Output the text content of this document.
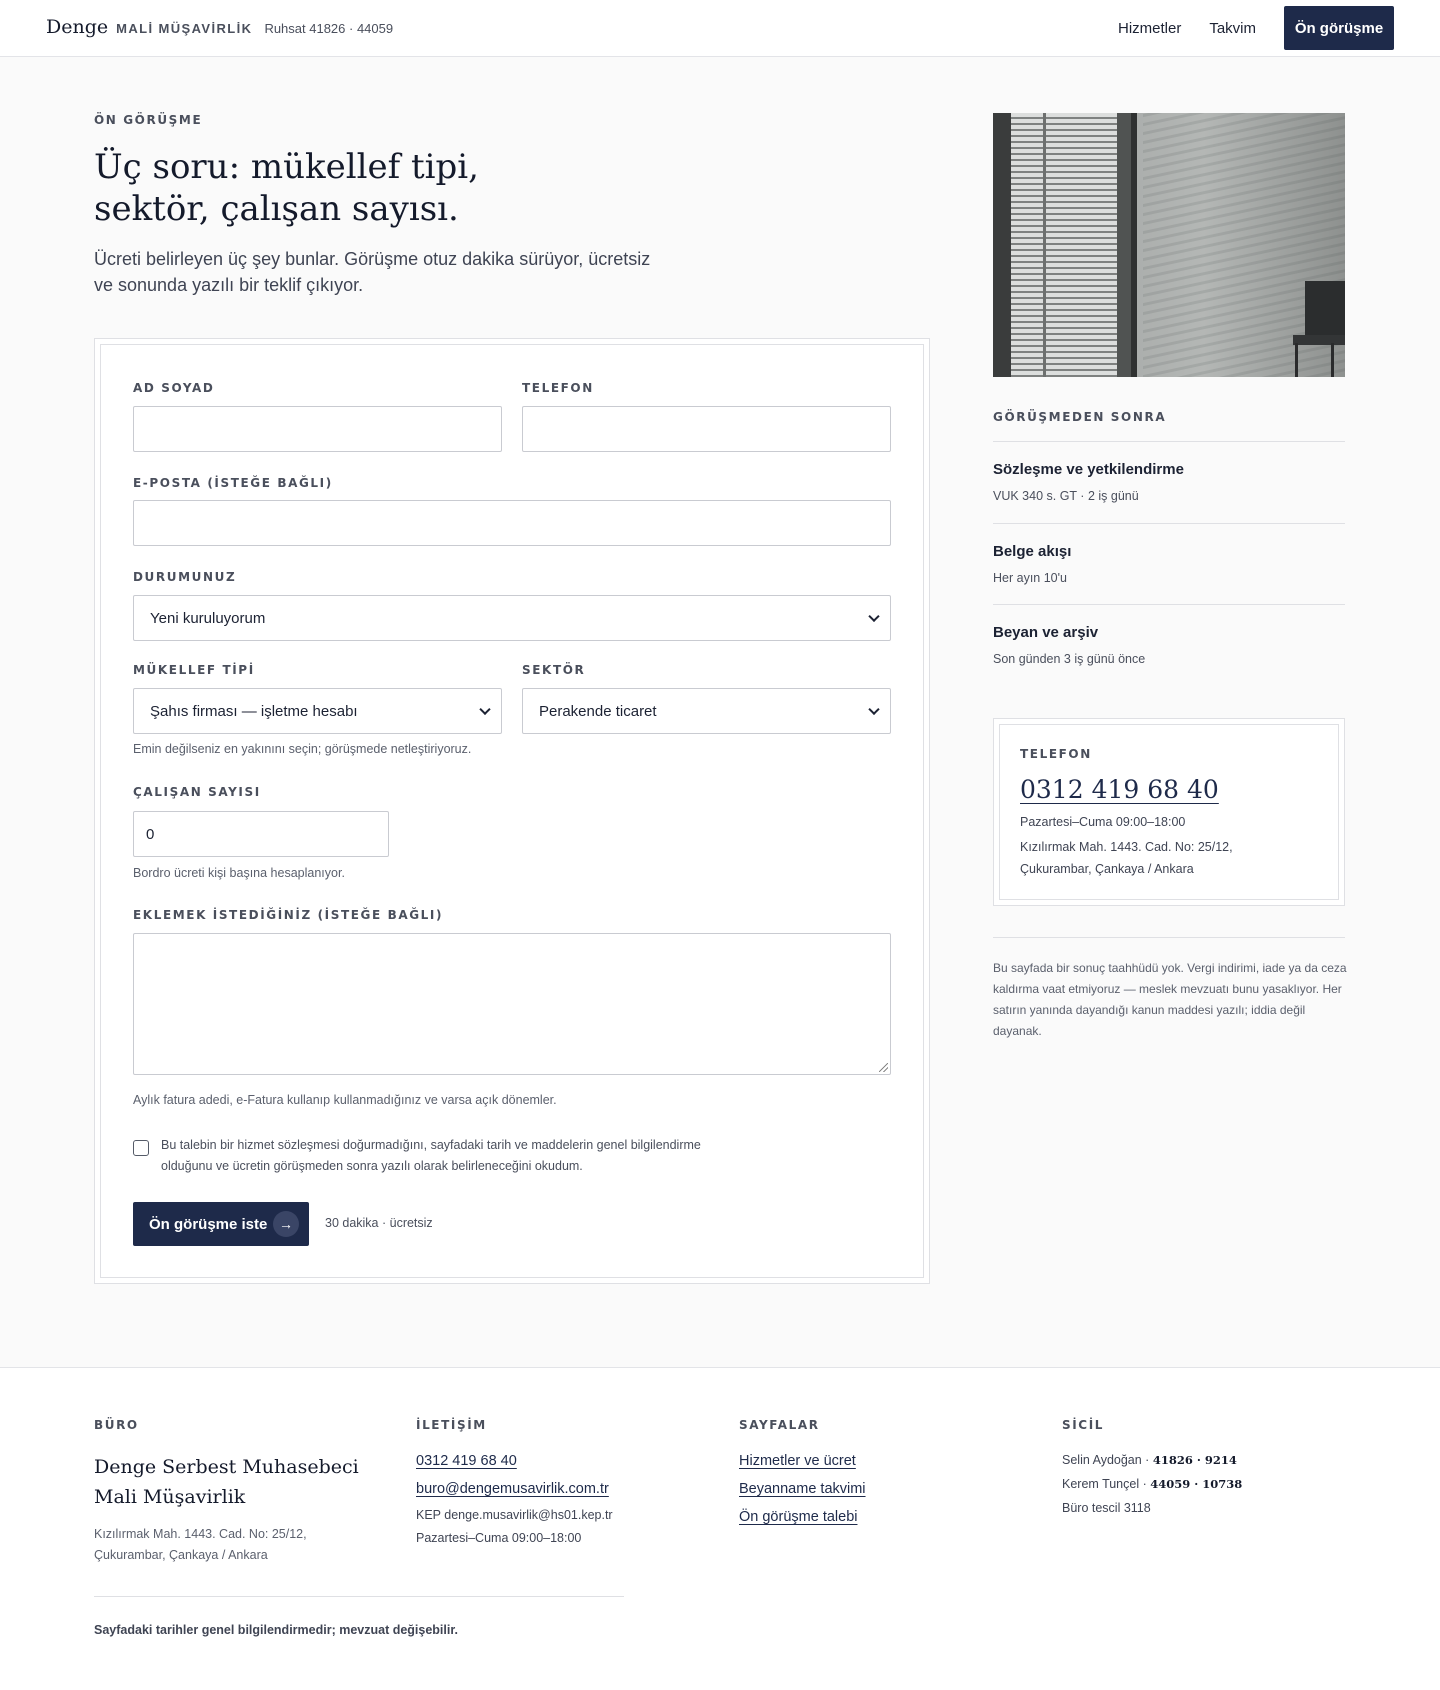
Denge MALİ MÜŞAVİRLİK Ruhsat 41826 · 44059	Hizmetler Takvim	Ön görüşme
ÖN GÖRÜŞME
Üç soru: mükellef tipi,
sektör, çalışan sayısı.

Ücreti belirleyen üç şey bunlar. Görüşme otuz dakika sürüyor, ücretsiz ve sonunda yazılı bir teklif çıkıyor.

AD SOYAD	TELEFON
E-POSTA (İSTEĞE BAĞLI)
DURUMUNUZ
Yeni kuruluyorum
MÜKELLEF TİPİ
Şahıs firması — işletme hesabı
SEKTÖR
Perakende ticaret
Emin değilseniz en yakınını seçin; görüşmede netleştiriyoruz.
ÇALIŞAN SAYISI
0
Bordro ücreti kişi başına hesaplanıyor.
EKLEMEK İSTEDİĞİNİZ (İSTEĞE BAĞLI)
Aylık fatura adedi, e-Fatura kullanıp kullanmadığınız ve varsa açık dönemler.
Bu talebin bir hizmet sözleşmesi doğurmadığını, sayfadaki tarih ve maddelerin genel bilgilendirme olduğunu ve ücretin görüşmeden sonra yazılı olarak belirleneceğini okudum.
Ön görüşme iste →	30 dakika · ücretsiz
GÖRÜŞMEDEN SONRA
Sözleşme ve yetkilendirme
VUK 340 s. GT · 2 iş günü
Belge akışı
Her ayın 10'u
Beyan ve arşiv
Son günden 3 iş günü önce
TELEFON
0312 419 68 40
Pazartesi–Cuma 09:00–18:00
Kızılırmak Mah. 1443. Cad. No: 25/12,
Çukurambar, Çankaya / Ankara

Bu sayfada bir sonuç taahhüdü yok. Vergi indirimi, iade ya da ceza kaldırma vaat etmiyoruz — meslek mevzuatı bunu yasaklıyor. Her satırın yanında dayandığı kanun maddesi yazılı; iddia değil dayanak.

BÜRO
Denge Serbest Muhasebeci Mali Müşavirlik
Kızılırmak Mah. 1443. Cad. No: 25/12,
Çukurambar, Çankaya / Ankara
İLETİŞİM
0312 419 68 40
buro@dengemusavirlik.com.tr
KEP denge.musavirlik@hs01.kep.tr
Pazartesi–Cuma 09:00–18:00
SAYFALAR
Hizmetler ve ücret
Beyanname takvimi
Ön görüşme talebi
SİCİL
Selin Aydoğan · 41826 · 9214
Kerem Tunçel · 44059 · 10738
Büro tescil 3118
Sayfadaki tarihler genel bilgilendirmedir; mevzuat değişebilir.
